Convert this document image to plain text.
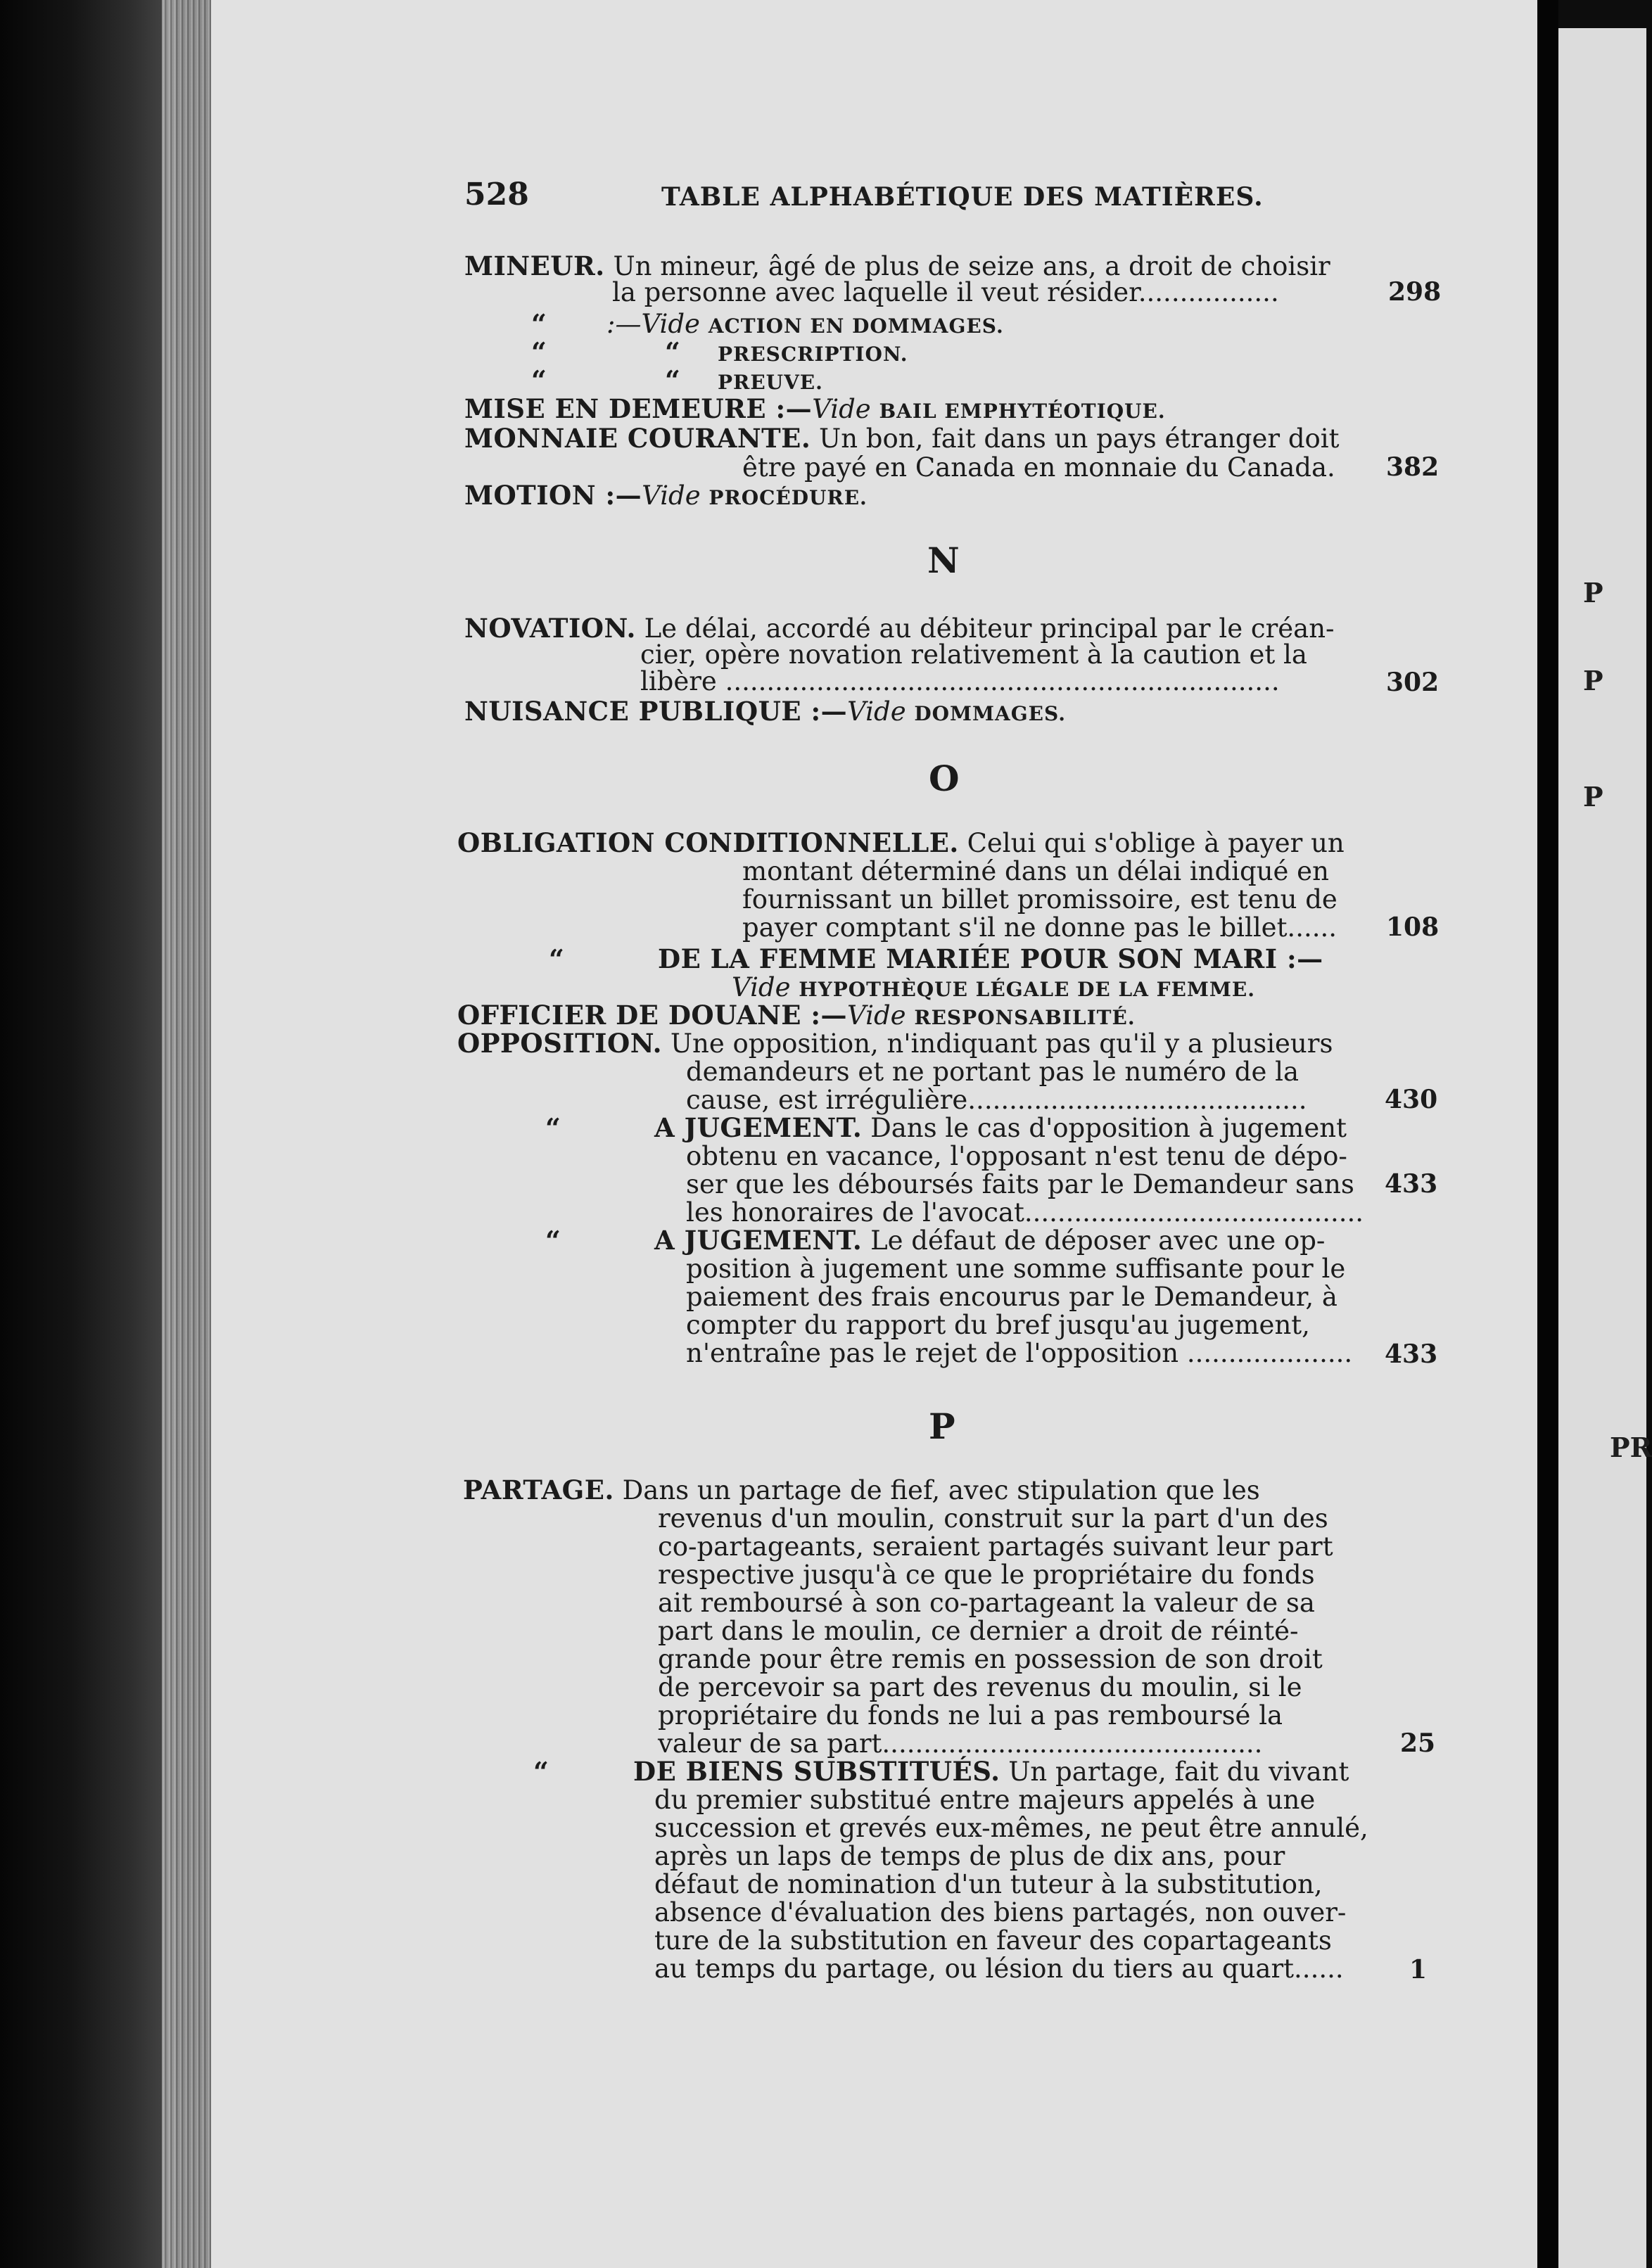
P
P
P
PR
528	TABLE ALPHABÉTIQUE DES MATIÈRES.
MINEUR. Un mineur, âgé de plus de seize ans, a droit de choisir
la personne avec laquelle il veut résider.................	298
“ :—Vide ACTION EN DOMMAGES.
“	“ PRESCRIPTION.
“	“ PREUVE.
MISE EN DEMEURE :—Vide BAIL EMPHYTÉOTIQUE.
MONNAIE COURANTE. Un bon, fait dans un pays étranger doit
être payé en Canada en monnaie du Canada. 382
MOTION :—Vide PROCÉDURE.
N
NOVATION. Le délai, accordé au débiteur principal par le créan-
cier, opère novation relativement à la caution et la
libère ...................................................................	302
NUISANCE PUBLIQUE :—Vide DOMMAGES.
O
OBLIGATION CONDITIONNELLE. Celui qui s'oblige à payer un
montant déterminé dans un délai indiqué en
fournissant un billet promissoire, est tenu de
payer comptant s'il ne donne pas le billet...... 108
“	DE LA FEMME MARIÉE POUR SON MARI :—
Vide HYPOTHÈQUE LÉGALE DE LA FEMME.
OFFICIER DE DOUANE :—Vide RESPONSABILITÉ.
OPPOSITION. Une opposition, n'indiquant pas qu'il y a plusieurs
demandeurs et ne portant pas le numéro de la
cause, est irrégulière.........................................	430
“	A JUGEMENT. Dans le cas d'opposition à jugement
obtenu en vacance, l'opposant n'est tenu de dépo-
ser que les déboursés faits par le Demandeur sans 433
les honoraires de l'avocat.........................................
“	A JUGEMENT. Le défaut de déposer avec une op-
position à jugement une somme suffisante pour le
paiement des frais encourus par le Demandeur, à
compter du rapport du bref jusqu'au jugement,
n'entraîne pas le rejet de l'opposition .................... 433
P
PARTAGE. Dans un partage de fief, avec stipulation que les
revenus d'un moulin, construit sur la part d'un des
co-partageants, seraient partagés suivant leur part
respective jusqu'à ce que le propriétaire du fonds
ait remboursé à son co-partageant la valeur de sa
part dans le moulin, ce dernier a droit de réinté-
grande pour être remis en possession de son droit
de percevoir sa part des revenus du moulin, si le
propriétaire du fonds ne lui a pas remboursé la
valeur de sa part..............................................	25
“	DE BIENS SUBSTITUÉS. Un partage, fait du vivant
du premier substitué entre majeurs appelés à une
succession et grevés eux-mêmes, ne peut être annulé,
après un laps de temps de plus de dix ans, pour
défaut de nomination d'un tuteur à la substitution,
absence d'évaluation des biens partagés, non ouver-
ture de la substitution en faveur des copartageants
au temps du partage, ou lésion du tiers au quart......	1
